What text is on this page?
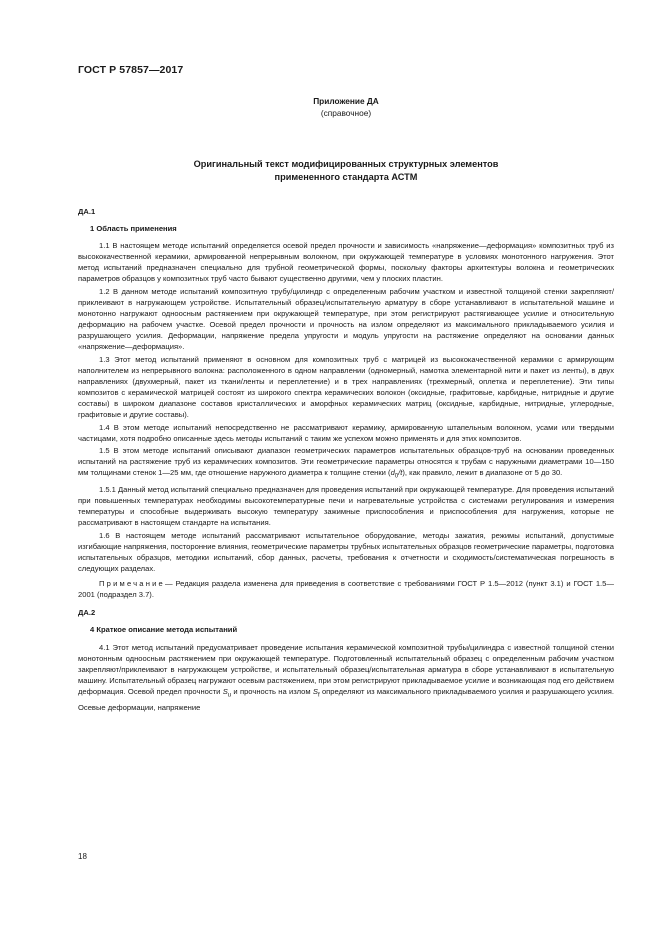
ГОСТ Р 57857—2017
Приложение ДА
(справочное)
Оригинальный текст модифицированных структурных элементов
примененного стандарта АСТМ

ДА.1

1 Область применения

1.1 В настоящем методе испытаний определяется осевой предел прочности и зависимость «напряжение—деформация» композитных труб из высококачественной керамики, армированной непрерывным волокном, при окружающей температуре в условиях монотонного нагружения. Этот метод испытаний предназначен специально для трубной геометрической формы, поскольку факторы архитектуры волокна и геометрических параметров образцов у композитных труб часто бывают существенно другими, чем у плоских пластин.

1.2 В данном методе испытаний композитную трубу/цилиндр с определенным рабочим участком и известной толщиной стенки закрепляют/приклеивают в нагружающем устройстве. Испытательный образец/испытательную арматуру в сборе устанавливают в испытательной машине и монотонно нагружают одноосным растяжением при окружающей температуре, при этом регистрируют растягивающее усилие и относительную деформацию на рабочем участке. Осевой предел прочности и прочность на излом определяют из максимального прикладываемого усилия и разрушающего усилия. Деформации, напряжение предела упругости и модуль упругости на растяжение определяют на основании данных «напряжение—деформация».

1.3 Этот метод испытаний применяют в основном для композитных труб с матрицей из высококачественной керамики с армирующим наполнителем из непрерывного волокна: расположенного в одном направлении (одномерный, намотка элементарной нити и пакет из ленты), в двух направлениях (двухмерный, пакет из ткани/ленты и переплетение) и в трех направлениях (трехмерный, оплетка и переплетение). Эти типы композитов с керамической матрицей состоят из широкого спектра керамических волокон (оксидные, графитовые, карбидные, нитридные и другие составы) в широком диапазоне составов кристаллических и аморфных керамических матриц (оксидные, карбидные, нитридные, углеродные, графитовые и другие составы).

1.4 В этом методе испытаний непосредственно не рассматривают керамику, армированную штапельным волокном, усами или твердыми частицами, хотя подробно описанные здесь методы испытаний с таким же успехом можно применять и для этих композитов.

1.5 В этом методе испытаний описывают диапазон геометрических параметров испытательных образцов-труб на основании проведенных испытаний на растяжение труб из керамических композитов. Эти геометрические параметры относятся к трубам с наружными диаметрами 10—150 мм толщинами стенок 1—25 мм, где отношение наружного диаметра к толщине стенки $(d_0/t)$, как правило, лежит в диапазоне от 5 до 30.

1.5.1 Данный метод испытаний специально предназначен для проведения испытаний при окружающей температуре. Для проведения испытаний при повышенных температурах необходимы высокотемпературные печи и нагревательные устройства с системами регулирования и измерения температуры и способные выдерживать высокую температуру зажимные приспособления и приспособления для нагружения, которые не рассматривают в настоящем стандарте на испытания.

1.6 В настоящем методе испытаний рассматривают испытательное оборудование, методы зажатия, режимы испытаний, допустимые изгибающие напряжения, посторонние влияния, геометрические параметры трубных испытательных образцов геометрические параметры, подготовка испытательных образцов, методики испытаний, сбор данных, расчеты, требования к отчетности и сходимость/систематическая погрешность в следующих разделах.

Примечание— Редакция раздела изменена для приведения в соответствие с требованиями ГОСТ Р 1.5—2012 (пункт 3.1) и ГОСТ 1.5—2001 (подраздел 3.7).

ДА.2

4 Краткое описание метода испытаний

4.1 Этот метод испытаний предусматривает проведение испытания керамической композитной трубы/цилиндра с известной толщиной стенки монотонным одноосным растяжением при окружающей температуре. Подготовленный испытательный образец с определенным рабочим участком закрепляют/приклеивают в нагружающем устройстве, и испытательный образец/испытательная арматура в сборе устанавливают в испытательную машину. Испытательный образец нагружают осевым растяжением, при этом регистрируют прикладываемое усилие и возникающая под его действием деформация. Осевой предел прочности $S_u$ и прочность на излом $S_f$ определяют из максимального прикладываемого усилия и разрушающего усилия. Осевые деформации, напряжение

18
